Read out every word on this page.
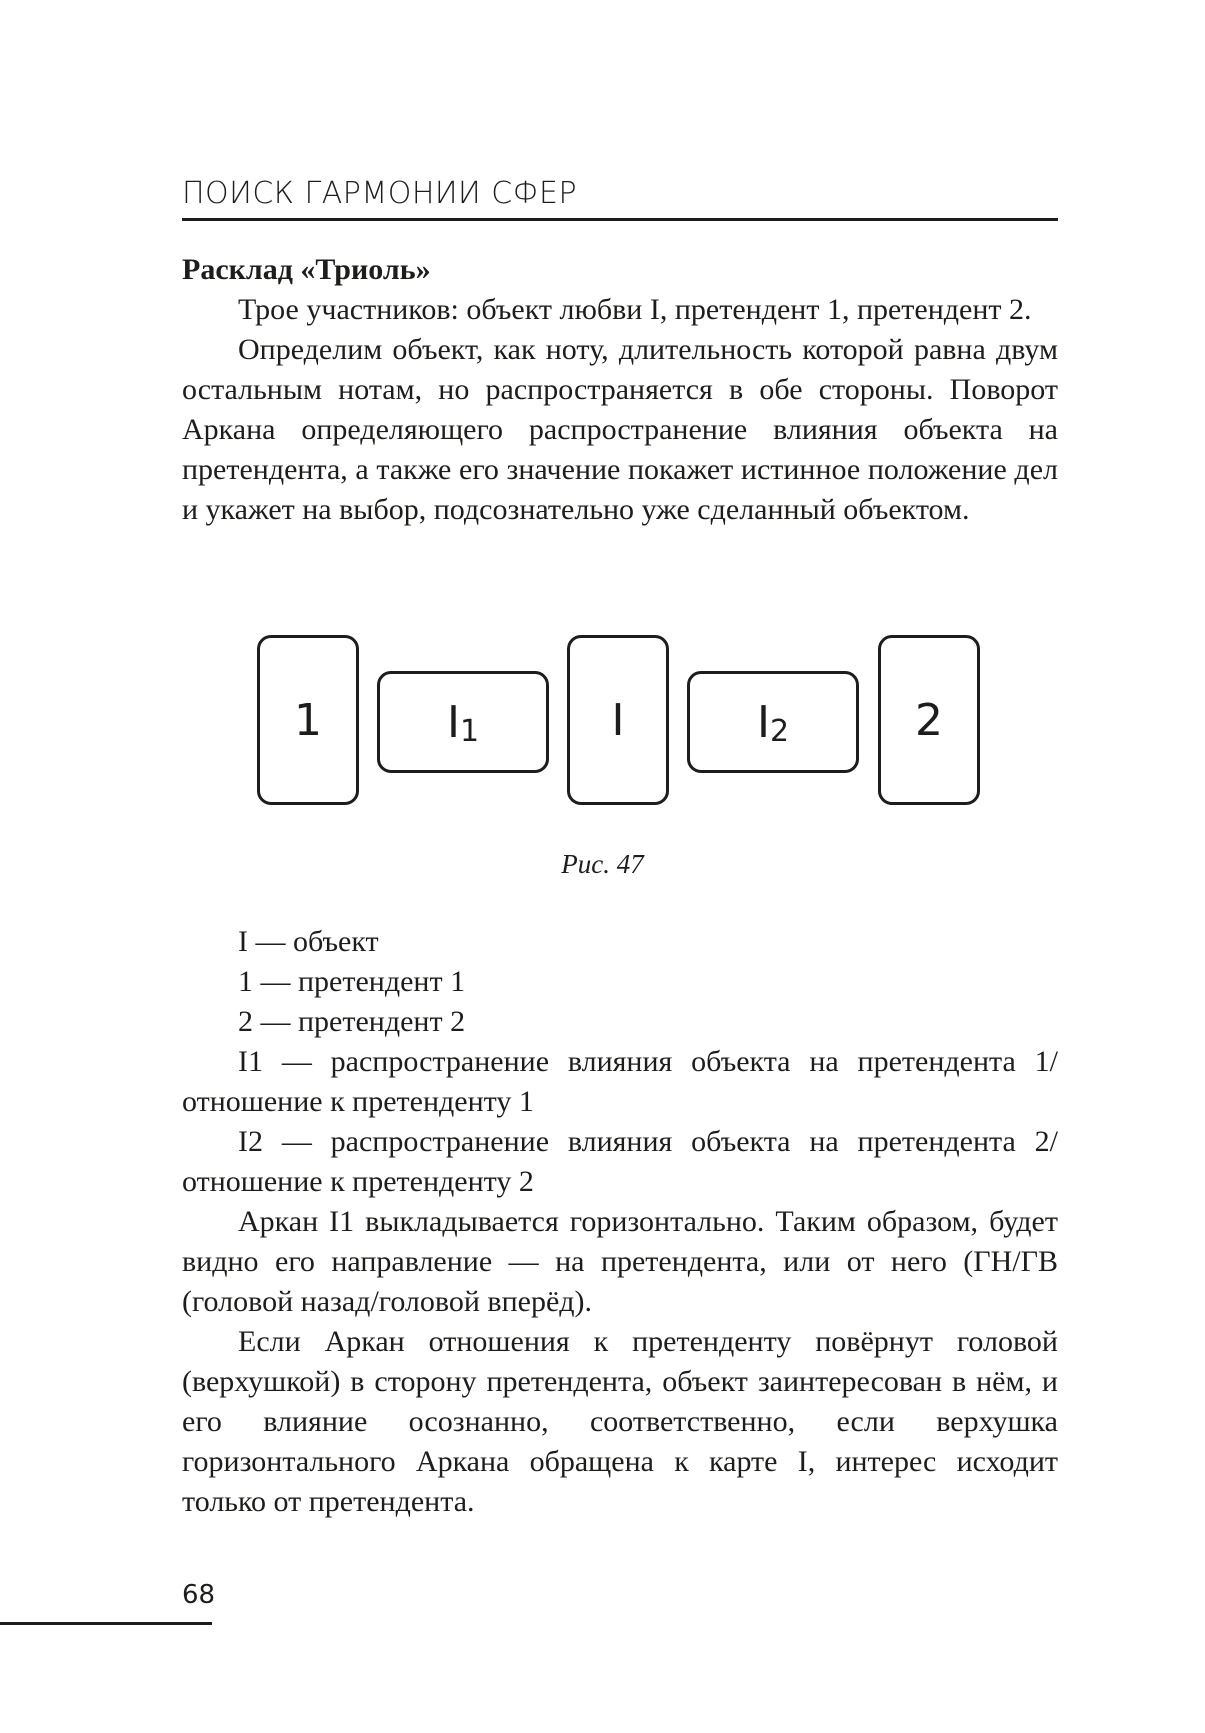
ПОИСК ГАРМОНИИ СФЕР
Расклад «Триоль»

Трое участников: объект любви I, претендент 1, претендент 2.

Определим объект, как ноту, длительность которой равна двум остальным нотам, но распространяется в обе стороны. Поворот Аркана определяющего распространение влияния объекта на претендента, а также его значение покажет истинное положение дел и укажет на выбор, подсознательно уже сделанный объектом.

1	$I_1$	I	$I_2$	2
Рис. 47

I — объект

1 — претендент 1

2 — претендент 2

I1 — распространение влияния объекта на претендента 1/отношение к претенденту 1

I2 — распространение влияния объекта на претендента 2/ отношение к претенденту 2

Аркан I1 выкладывается горизонтально. Таким образом, будет видно его направление — на претендента, или от него (ГН/ГВ (головой назад/головой вперёд).

Если Аркан отношения к претенденту повёрнут головой (верхушкой) в сторону претендента, объект заинтересован в нём, и его влияние осознанно, соответственно, если верхушка горизонтального Аркана обращена к карте I, интерес исходит только от претендента.

68
